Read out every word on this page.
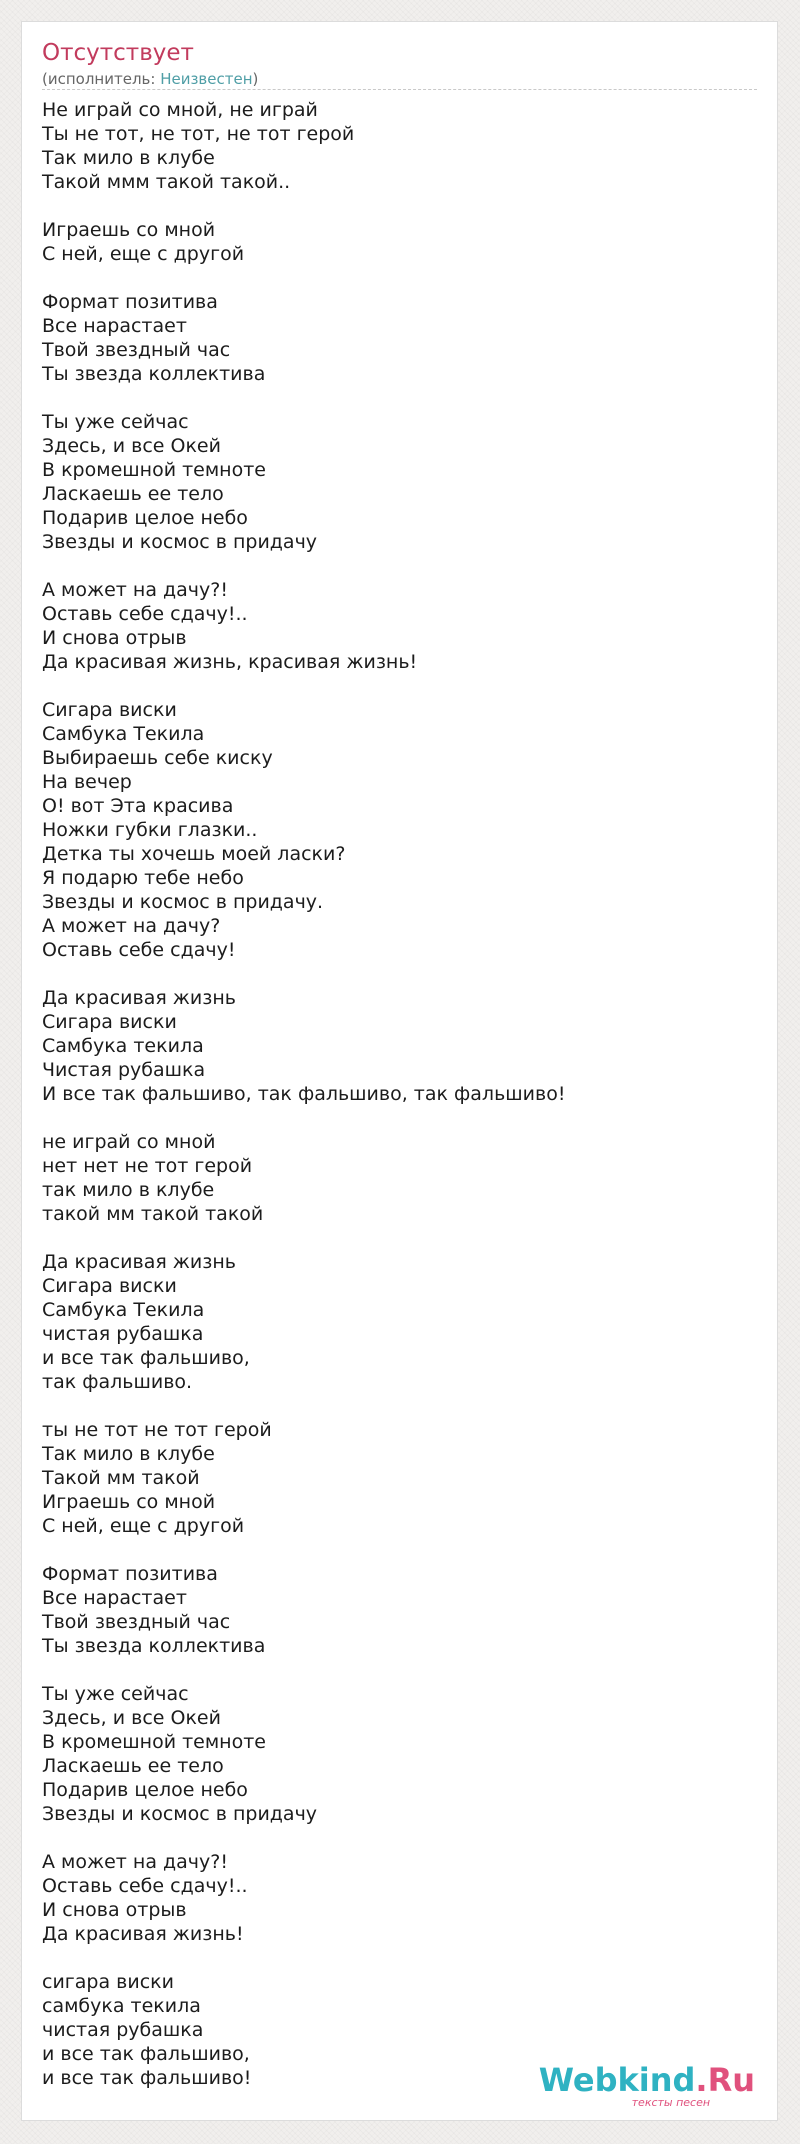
Отсутствует
(исполнитель: Неизвестен)
Не играй со мной, не играй
Ты не тот, не тот, не тот герой
Так мило в клубе
Такой ммм такой такой..

Играешь со мной
С ней, еще с другой

Формат позитива
Все нарастает
Твой звездный час
Ты звезда коллектива

Ты уже сейчас
Здесь, и все Окей
В кромешной темноте
Ласкаешь ее тело
Подарив целое небо
Звезды и космос в придачу

А может на дачу?!
Оставь себе сдачу!..
И снова отрыв
Да красивая жизнь, красивая жизнь!

Сигара виски
Самбука Текила
Выбираешь себе киску
На вечер
О! вот Эта красива
Ножки губки глазки..
Детка ты хочешь моей ласки?
Я подарю тебе небо
Звезды и космос в придачу.
А может на дачу?
Оставь себе сдачу!

Да красивая жизнь
Сигара виски
Самбука текила
Чистая рубашка
И все так фальшиво, так фальшиво, так фальшиво!

не играй со мной
нет нет не тот герой
так мило в клубе
такой мм такой такой

Да красивая жизнь
Сигара виски
Самбука Текила
чистая рубашка
и все так фальшиво,
так фальшиво.

ты не тот не тот герой
Так мило в клубе
Такой мм такой
Играешь со мной
С ней, еще с другой

Формат позитива
Все нарастает
Твой звездный час
Ты звезда коллектива

Ты уже сейчас
Здесь, и все Окей
В кромешной темноте
Ласкаешь ее тело
Подарив целое небо
Звезды и космос в придачу

А может на дачу?!
Оставь себе сдачу!..
И снова отрыв
Да красивая жизнь!

сигара виски
самбука текила
чистая рубашка
и все так фальшиво,
и все так фальшиво!	Webkind.Ru
тексты песен
